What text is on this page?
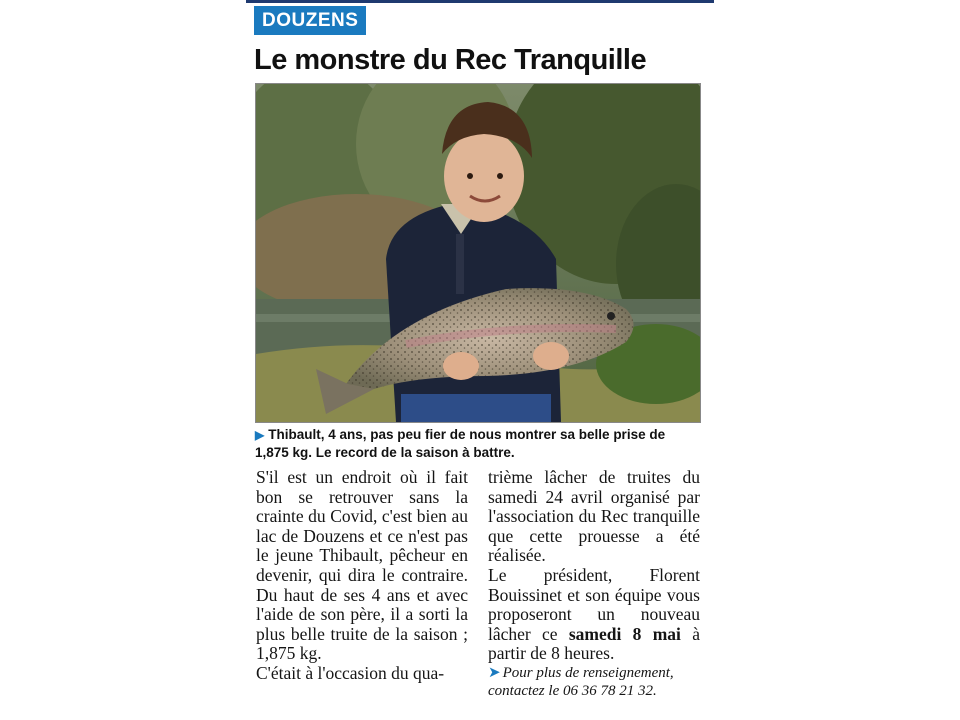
DOUZENS
Le monstre du Rec Tranquille
▶ Thibault, 4 ans, pas peu fier de nous montrer sa belle prise de 1,875 kg. Le record de la saison à battre.

S'il est un endroit où il fait bon se retrouver sans la crainte du Covid, c'est bien au lac de Douzens et ce n'est pas le jeune Thibault, pêcheur en devenir, qui dira le contraire. Du haut de ses 4 ans et avec l'aide de son père, il a sorti la plus belle truite de la saison ; 1,875 kg.

C'était à l'occasion du qua-

trième lâcher de truites du samedi 24 avril organisé par l'association du Rec tranquille que cette prouesse a été réalisée.

Le président, Florent Bouissinet et son équipe vous proposeront un nouveau lâcher ce samedi 8 mai à partir de 8 heures.

➤ Pour plus de renseignement, contactez le 06 36 78 21 32.
